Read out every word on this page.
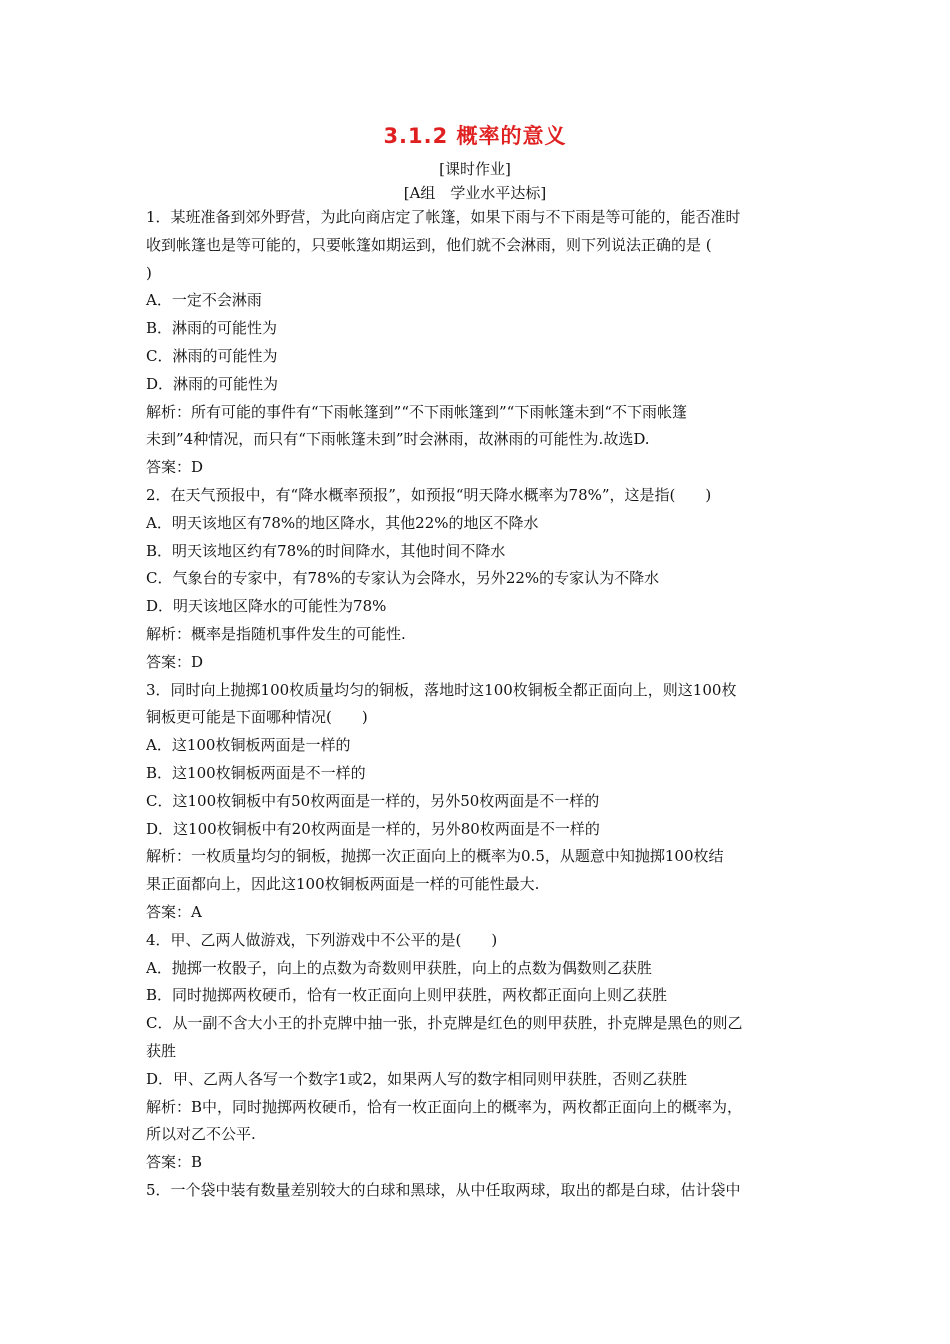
3.1.2 概率的意义
[课时作业]
[A组　学业水平达标]

1．某班准备到郊外野营，为此向商店定了帐篷，如果下雨与不下雨是等可能的，能否准时

收到帐篷也是等可能的，只要帐篷如期运到，他们就不会淋雨，则下列说法正确的是 (

)

A．一定不会淋雨

B．淋雨的可能性为

C．淋雨的可能性为

D．淋雨的可能性为

解析：所有可能的事件有“下雨帐篷到”“不下雨帐篷到”“下雨帐篷未到“不下雨帐篷

未到”4种情况，而只有“下雨帐篷未到”时会淋雨，故淋雨的可能性为.故选D.

答案：D

2．在天气预报中，有“降水概率预报”，如预报“明天降水概率为78%”，这是指(　　)

A．明天该地区有78%的地区降水，其他22%的地区不降水

B．明天该地区约有78%的时间降水，其他时间不降水

C．气象台的专家中，有78%的专家认为会降水，另外22%的专家认为不降水

D．明天该地区降水的可能性为78%

解析：概率是指随机事件发生的可能性.

答案：D

3．同时向上抛掷100枚质量均匀的铜板，落地时这100枚铜板全都正面向上，则这100枚

铜板更可能是下面哪种情况(　　)

A．这100枚铜板两面是一样的

B．这100枚铜板两面是不一样的

C．这100枚铜板中有50枚两面是一样的，另外50枚两面是不一样的

D．这100枚铜板中有20枚两面是一样的，另外80枚两面是不一样的

解析：一枚质量均匀的铜板，抛掷一次正面向上的概率为0.5，从题意中知抛掷100枚结

果正面都向上，因此这100枚铜板两面是一样的可能性最大.

答案：A

4．甲、乙两人做游戏，下列游戏中不公平的是(　　)

A．抛掷一枚骰子，向上的点数为奇数则甲获胜，向上的点数为偶数则乙获胜

B．同时抛掷两枚硬币，恰有一枚正面向上则甲获胜，两枚都正面向上则乙获胜

C．从一副不含大小王的扑克牌中抽一张，扑克牌是红色的则甲获胜，扑克牌是黑色的则乙

获胜

D．甲、乙两人各写一个数字1或2，如果两人写的数字相同则甲获胜，否则乙获胜

解析：B中，同时抛掷两枚硬币，恰有一枚正面向上的概率为，两枚都正面向上的概率为，

所以对乙不公平.

答案：B

5．一个袋中装有数量差别较大的白球和黑球，从中任取两球，取出的都是白球，估计袋中
